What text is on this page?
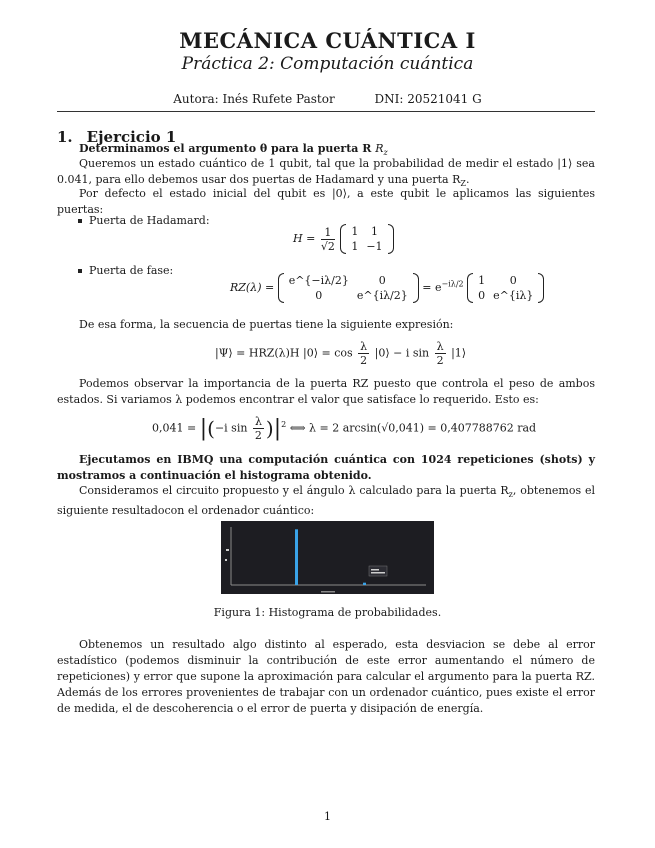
MECÁNICA CUÁNTICA I
Práctica 2: Computación cuántica
Autora: Inés Rufete Pastor	DNI: 20521041 G
1. Ejercicio 1
Determinamos el argumento θ para la puerta R $R_z$
Queremos un estado cuántico de 1 qubit, tal que la probabilidad de medir el estado |1⟩ sea 0.041, para ello debemos usar dos puertas de Hadamard y una puerta $R_Z$.
Por defecto el estado inicial del qubit es |0⟩, a este qubit le aplicamos las siguientes puertas:
Puerta de Hadamard:
$H = \frac{1}{√2}$
1	1
1	−1
Puerta de fase:
RZ(λ) =
e^{−iλ/2}	0
0	e^{iλ/2}
= $e^{-i\lambda/2}$ 1	0
0	e^{iλ}
De esa forma, la secuencia de puertas tiene la siguiente expresión:
|Ψ⟩ = HRZ(λ)H |0⟩ = $\cos \frac{\lambda}{2}$ |0⟩ − i $\sin \frac{\lambda}{2}$ |1⟩
Podemos observar la importancia de la puerta RZ puesto que controla el peso de ambos estados. Si variamos λ podemos encontrar el valor que satisface lo requerido. Esto es:
0,041 = |(−i $\sin \frac{\lambda}{2} )|^2$ ⟺ λ = 2 arcsin(√0,041) = 0,407788762 rad
Ejecutamos en IBMQ una computación cuántica con 1024 repeticiones (shots) y mostramos a continuación el histograma obtenido.
Consideramos el circuito propuesto y el ángulo λ calculado para la puerta $R_z$, obtenemos el siguiente resultadocon el ordenador cuántico:
Figura 1: Histograma de probabilidades.
Obtenemos un resultado algo distinto al esperado, esta desviacion se debe al error estadístico (podemos disminuir la contribución de este error aumentando el número de repeticiones) y error que supone la aproximación para calcular el argumento para la puerta RZ. Además de los errores provenientes de trabajar con un ordenador cuántico, pues existe el error de medida, el de descoherencia o el error de puerta y disipación de energía.
1
